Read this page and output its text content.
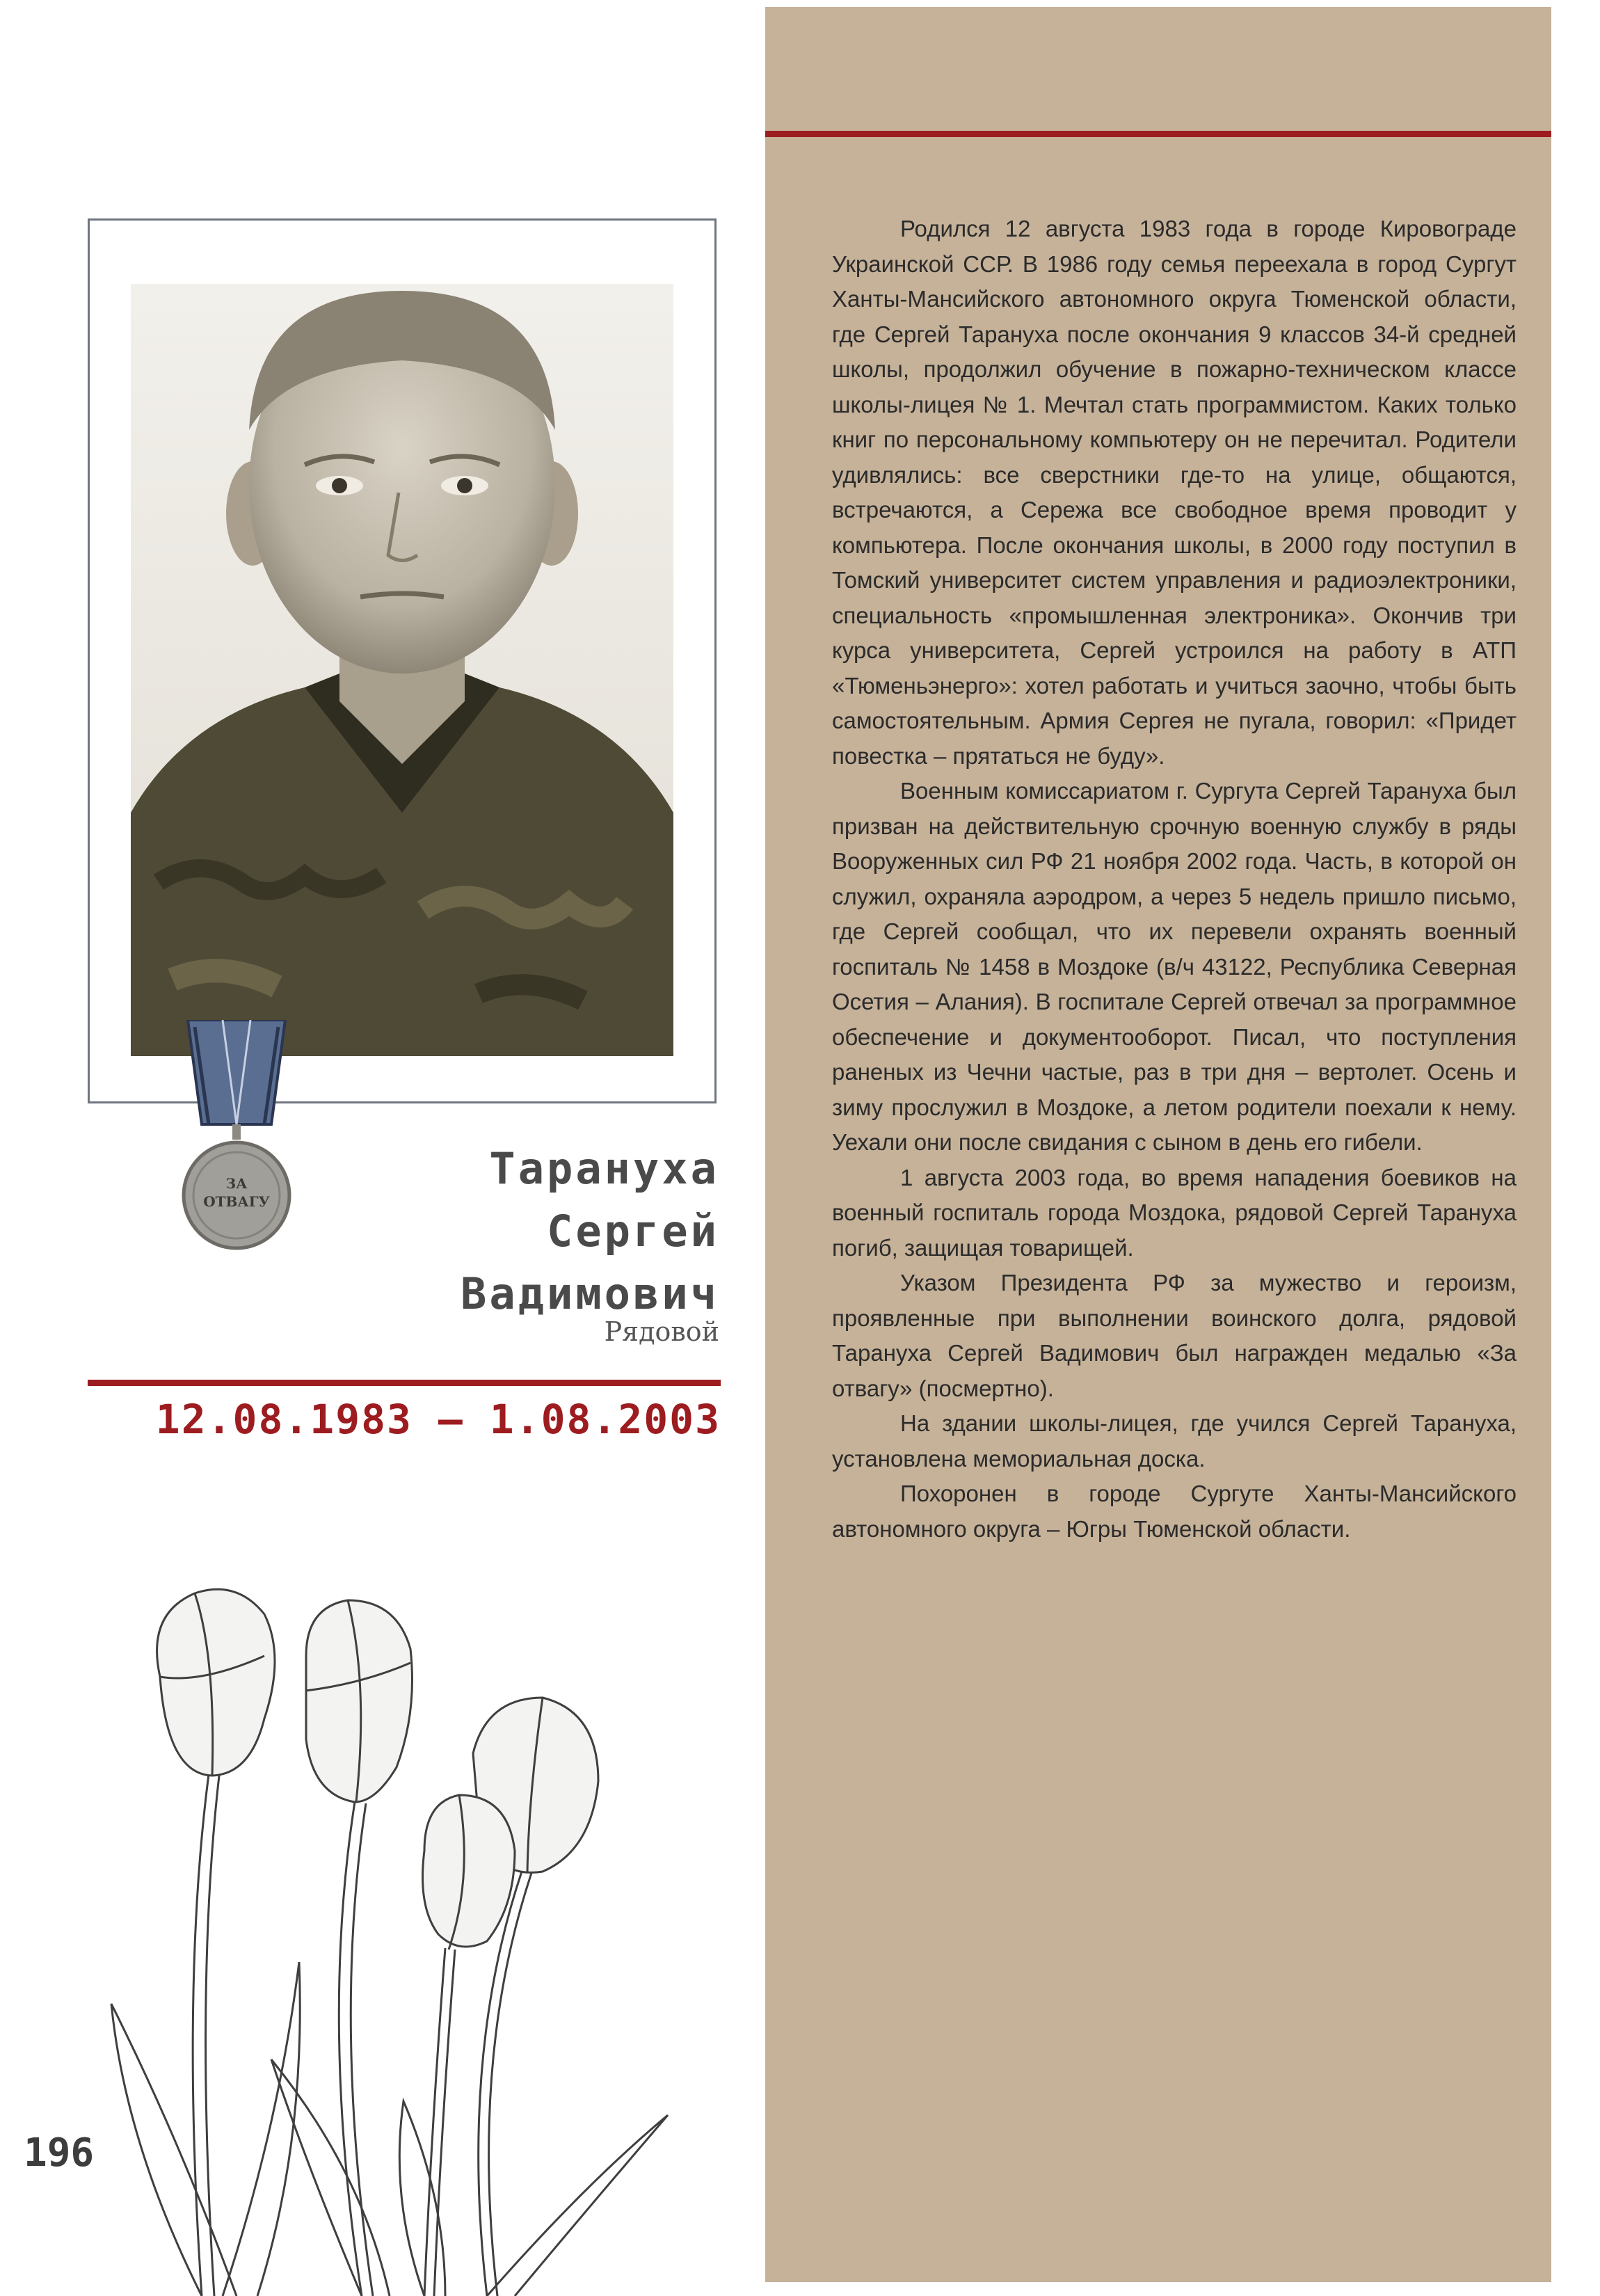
ЗА
ОТВАГУ
Тарануха
Сергей
Вадимович
Рядовой
12.08.1983 – 1.08.2003
196

Родился 12 августа 1983 года в городе Кировограде Украинской ССР. В 1986 году семья переехала в город Сургут Ханты-Мансийского автономного округа Тюменской области, где Сергей Тарануха после окончания 9 классов 34-й средней школы, продолжил обучение в пожарно-техническом классе школы-лицея № 1. Мечтал стать программистом. Каких только книг по персональному компьютеру он не перечитал. Родители удивлялись: все сверстники где-то на улице, общаются, встречаются, а Сережа все свободное время проводит у компьютера. После окончания школы, в 2000 году поступил в Томский университет систем управления и радиоэлектроники, специальность «промышленная электроника». Окончив три курса университета, Сергей устроился на работу в АТП «Тюменьэнерго»: хотел работать и учиться заочно, чтобы быть самостоятельным. Армия Сергея не пугала, говорил: «Придет повестка – прятаться не буду».

Военным комиссариатом г. Сургута Сергей Тарануха был призван на действительную срочную военную службу в ряды Вооруженных сил РФ 21 ноября 2002 года. Часть, в которой он служил, охраняла аэродром, а через 5 недель пришло письмо, где Сергей сообщал, что их перевели охранять военный госпиталь № 1458 в Моздоке (в/ч 43122, Республика Северная Осетия – Алания). В госпитале Сергей отвечал за программное обеспечение и документооборот. Писал, что поступления раненых из Чечни частые, раз в три дня – вертолет. Осень и зиму прослужил в Моздоке, а летом родители поехали к нему. Уехали они после свидания с сыном в день его гибели.

1 августа 2003 года, во время нападения боевиков на военный госпиталь города Моздока, рядовой Сергей Тарануха погиб, защищая товарищей.

Указом Президента РФ за мужество и героизм, проявленные при выполнении воинского долга, рядовой Тарануха Сергей Вадимович был награжден медалью «За отвагу» (посмертно).

На здании школы-лицея, где учился Сергей Тарануха, установлена мемориальная доска.

Похоронен в городе Сургуте Ханты-Мансийского автономного округа – Югры Тюменской области.
